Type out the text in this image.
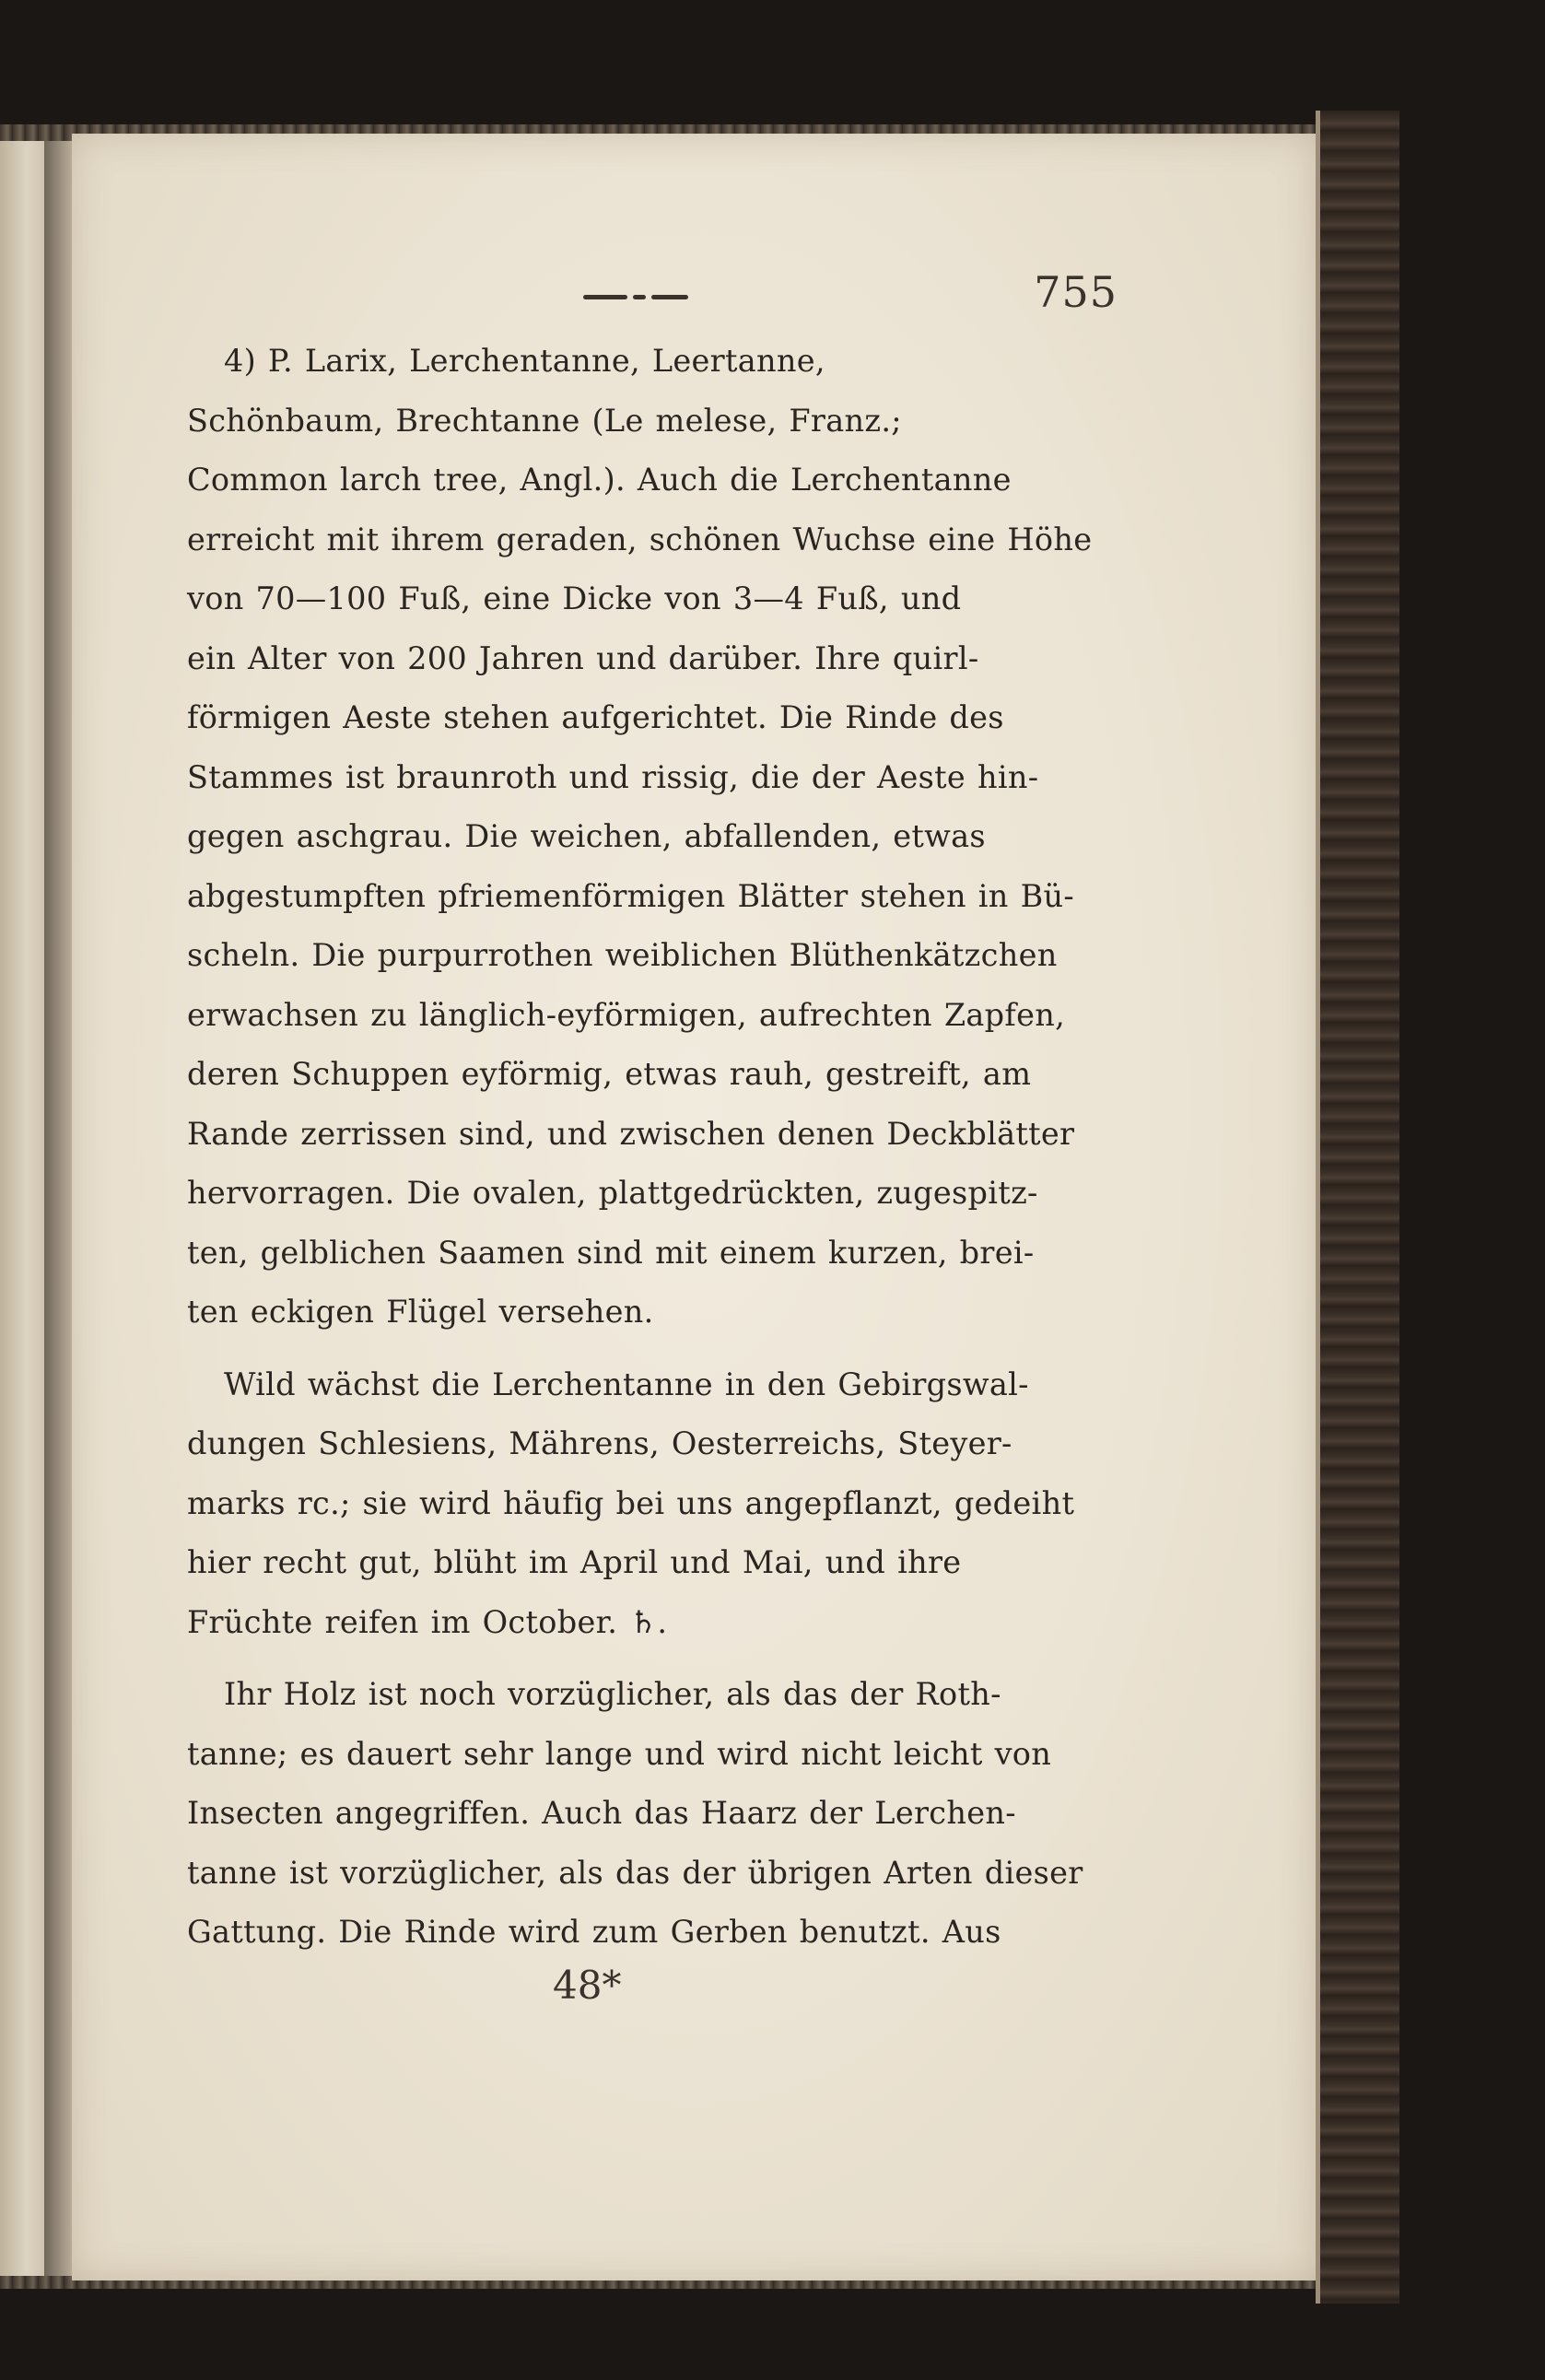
755

4) P. Larix, Lerchentanne, Leertanne,
Schönbaum, Brechtanne (Le melese, Franz.;
Common larch tree, Angl.). Auch die Lerchentanne
erreicht mit ihrem geraden, schönen Wuchse eine Höhe
von 70—100 Fuß, eine Dicke von 3—4 Fuß, und
ein Alter von 200 Jahren und darüber. Ihre quirl-
förmigen Aeste stehen aufgerichtet. Die Rinde des
Stammes ist braunroth und rissig, die der Aeste hin-
gegen aschgrau. Die weichen, abfallenden, etwas
abgestumpften pfriemenförmigen Blätter stehen in Bü-
scheln. Die purpurrothen weiblichen Blüthenkätzchen
erwachsen zu länglich-eyförmigen, aufrechten Zapfen,
deren Schuppen eyförmig, etwas rauh, gestreift, am
Rande zerrissen sind, und zwischen denen Deckblätter
hervorragen. Die ovalen, plattgedrückten, zugespitz-
ten, gelblichen Saamen sind mit einem kurzen, brei-
ten eckigen Flügel versehen.

Wild wächst die Lerchentanne in den Gebirgswal-
dungen Schlesiens, Mährens, Oesterreichs, Steyer-
marks rc.; sie wird häufig bei uns angepflanzt, gedeiht
hier recht gut, blüht im April und Mai, und ihre
Früchte reifen im October. ♄.

Ihr Holz ist noch vorzüglicher, als das der Roth-
tanne; es dauert sehr lange und wird nicht leicht von
Insecten angegriffen. Auch das Haarz der Lerchen-
tanne ist vorzüglicher, als das der übrigen Arten dieser
Gattung. Die Rinde wird zum Gerben benutzt. Aus

48*
